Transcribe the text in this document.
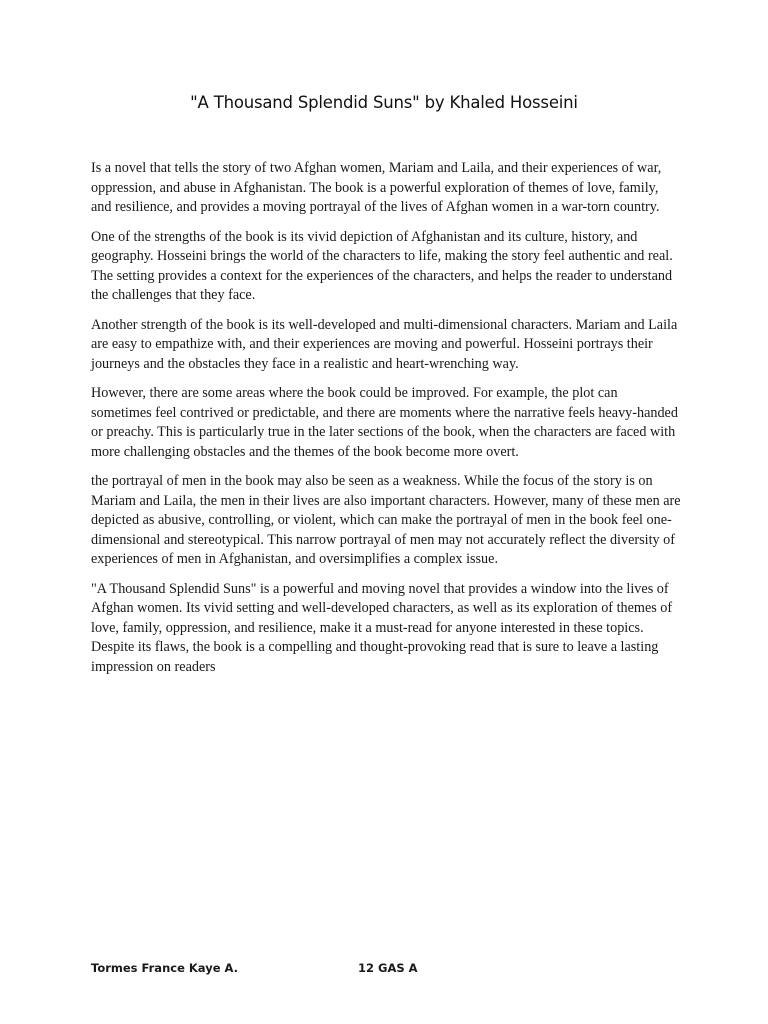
"A Thousand Splendid Suns" by Khaled Hosseini

Is a novel that tells the story of two Afghan women, Mariam and Laila, and their experiences of war, oppression, and abuse in Afghanistan. The book is a powerful exploration of themes of love, family, and resilience, and provides a moving portrayal of the lives of Afghan women in a war-torn country.

One of the strengths of the book is its vivid depiction of Afghanistan and its culture, history, and geography. Hosseini brings the world of the characters to life, making the story feel authentic and real. The setting provides a context for the experiences of the characters, and helps the reader to understand the challenges that they face.

Another strength of the book is its well-developed and multi-dimensional characters. Mariam and Laila are easy to empathize with, and their experiences are moving and powerful. Hosseini portrays their journeys and the obstacles they face in a realistic and heart-wrenching way.

However, there are some areas where the book could be improved. For example, the plot can sometimes feel contrived or predictable, and there are moments where the narrative feels heavy-handed or preachy. This is particularly true in the later sections of the book, when the characters are faced with more challenging obstacles and the themes of the book become more overt.

the portrayal of men in the book may also be seen as a weakness. While the focus of the story is on Mariam and Laila, the men in their lives are also important characters. However, many of these men are depicted as abusive, controlling, or violent, which can make the portrayal of men in the book feel one-dimensional and stereotypical. This narrow portrayal of men may not accurately reflect the diversity of experiences of men in Afghanistan, and oversimplifies a complex issue.

"A Thousand Splendid Suns" is a powerful and moving novel that provides a window into the lives of Afghan women. Its vivid setting and well-developed characters, as well as its exploration of themes of love, family, oppression, and resilience, make it a must-read for anyone interested in these topics. Despite its flaws, the book is a compelling and thought-provoking read that is sure to leave a lasting impression on readers

Tormes France Kaye A.	12 GAS A
